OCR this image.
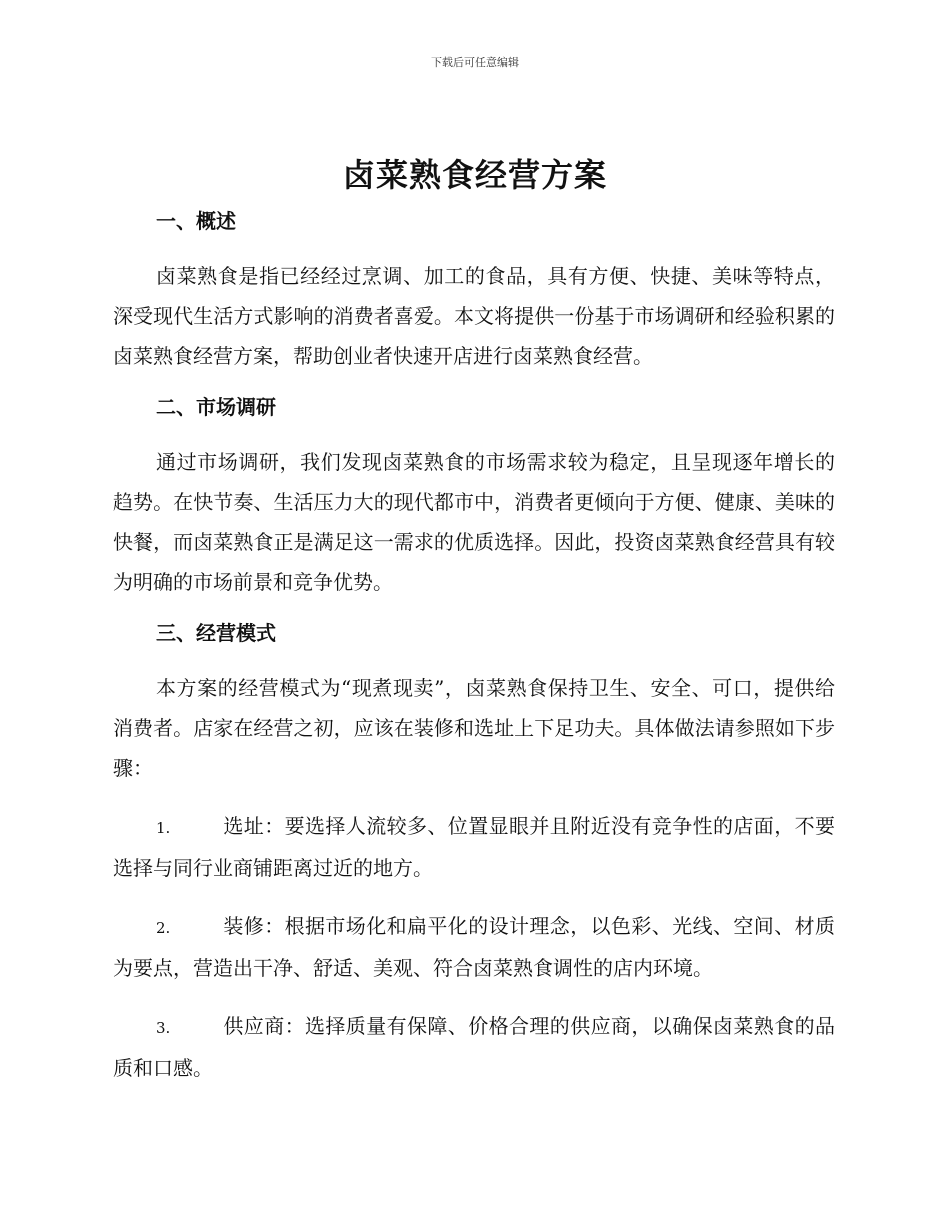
下载后可任意编辑
卤菜熟食经营方案
一、概述

卤菜熟食是指已经经过烹调、加工的食品，具有方便、快捷、美味等特点，深受现代生活方式影响的消费者喜爱。本文将提供一份基于市场调研和经验积累的卤菜熟食经营方案，帮助创业者快速开店进行卤菜熟食经营。

二、市场调研

通过市场调研，我们发现卤菜熟食的市场需求较为稳定，且呈现逐年增长的趋势。在快节奏、生活压力大的现代都市中，消费者更倾向于方便、健康、美味的快餐，而卤菜熟食正是满足这一需求的优质选择。因此，投资卤菜熟食经营具有较为明确的市场前景和竞争优势。

三、经营模式

本方案的经营模式为“现煮现卖”，卤菜熟食保持卫生、安全、可口，提供给消费者。店家在经营之初，应该在装修和选址上下足功夫。具体做法请参照如下步骤：

1.	选址：要选择人流较多、位置显眼并且附近没有竞争性的店面，不要选择与同行业商铺距离过近的地方。
2.	装修：根据市场化和扁平化的设计理念，以色彩、光线、空间、材质为要点，营造出干净、舒适、美观、符合卤菜熟食调性的店内环境。
3.	供应商：选择质量有保障、价格合理的供应商，以确保卤菜熟食的品质和口感。
